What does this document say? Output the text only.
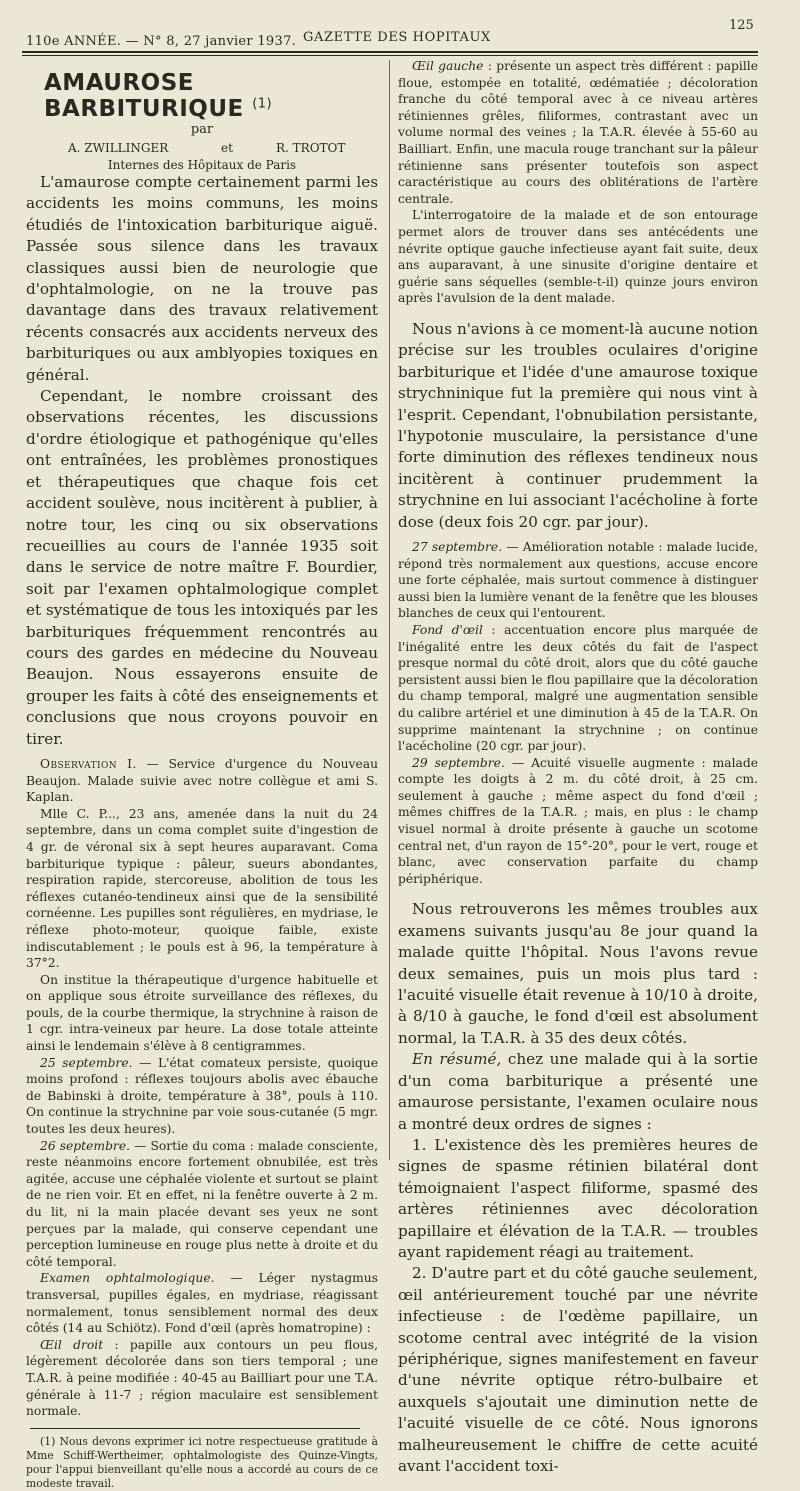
110e ANNÉE. — N° 8, 27 janvier 1937. GAZETTE DES HOPITAUX
125
AMAUROSE BARBITURIQUE $^{(1)}$

par

A. ZWILLINGER	et	R. TROTOT

Internes des Hôpitaux de Paris

L'amaurose compte certainement parmi les accidents les moins communs, les moins étudiés de l'intoxication barbiturique aiguë. Passée sous silence dans les travaux classiques aussi bien de neurologie que d'ophtalmologie, on ne la trouve pas davantage dans des travaux relativement récents consacrés aux accidents nerveux des barbituriques ou aux amblyopies toxiques en général.

Cependant, le nombre croissant des observations récentes, les discussions d'ordre étiologique et pathogénique qu'elles ont entraînées, les problèmes pronostiques et thérapeutiques que chaque fois cet accident soulève, nous incitèrent à publier, à notre tour, les cinq ou six observations recueillies au cours de l'année 1935 soit dans le service de notre maître F. Bourdier, soit par l'examen ophtalmologique complet et systématique de tous les intoxiqués par les barbituriques fréquemment rencontrés au cours des gardes en médecine du Nouveau Beaujon. Nous essayerons ensuite de grouper les faits à côté des enseignements et conclusions que nous croyons pouvoir en tirer.

Observation I. — Service d'urgence du Nouveau Beaujon. Malade suivie avec notre collègue et ami S. Kaplan.

Mlle C. P..., 23 ans, amenée dans la nuit du 24 septembre, dans un coma complet suite d'ingestion de 4 gr. de véronal six à sept heures auparavant. Coma barbiturique typique : pâleur, sueurs abondantes, respiration rapide, stercoreuse, abolition de tous les réflexes cutanéo-tendineux ainsi que de la sensibilité cornéenne. Les pupilles sont régulières, en mydriase, le réflexe photo-moteur, quoique faible, existe indiscutablement ; le pouls est à 96, la température à 37°2.

On institue la thérapeutique d'urgence habituelle et on applique sous étroite surveillance des réflexes, du pouls, de la courbe thermique, la strychnine à raison de 1 cgr. intra-veineux par heure. La dose totale atteinte ainsi le lendemain s'élève à 8 centigrammes.

25 septembre. — L'état comateux persiste, quoique moins profond : réflexes toujours abolis avec ébauche de Babinski à droite, température à 38°, pouls à 110. On continue la strychnine par voie sous-cutanée (5 mgr. toutes les deux heures).

26 septembre. — Sortie du coma : malade consciente, reste néanmoins encore fortement obnubilée, est très agitée, accuse une céphalée violente et surtout se plaint de ne rien voir. Et en effet, ni la fenêtre ouverte à 2 m. du lit, ni la main placée devant ses yeux ne sont perçues par la malade, qui conserve cependant une perception lumineuse en rouge plus nette à droite et du côté temporal.

Examen ophtalmologique. — Léger nystagmus transversal, pupilles égales, en mydriase, réagissant normalement, tonus sensiblement normal des deux côtés (14 au Schiötz). Fond d'œil (après homatropine) :

Œil droit : papille aux contours un peu flous, légèrement décolorée dans son tiers temporal ; une T.A.R. à peine modifiée : 40-45 au Bailliart pour une T.A. générale à 11-7 ; région maculaire est sensiblement normale.

(1) Nous devons exprimer ici notre respectueuse gratitude à Mme Schiff-Wertheimer, ophtalmologiste des Quinze-Vingts, pour l'appui bienveillant qu'elle nous a accordé au cours de ce modeste travail.

Œil gauche : présente un aspect très différent : papille floue, estompée en totalité, œdématiée ; décoloration franche du côté temporal avec à ce niveau artères rétiniennes grêles, filiformes, contrastant avec un volume normal des veines ; la T.A.R. élevée à 55-60 au Bailliart. Enfin, une macula rouge tranchant sur la pâleur rétinienne sans présenter toutefois son aspect caractéristique au cours des oblitérations de l'artère centrale.

L'interrogatoire de la malade et de son entourage permet alors de trouver dans ses antécédents une névrite optique gauche infectieuse ayant fait suite, deux ans auparavant, à une sinusite d'origine dentaire et guérie sans séquelles (semble-t-il) quinze jours environ après l'avulsion de la dent malade.

Nous n'avions à ce moment-là aucune notion précise sur les troubles oculaires d'origine barbiturique et l'idée d'une amaurose toxique strychninique fut la première qui nous vint à l'esprit. Cependant, l'obnubilation persistante, l'hypotonie musculaire, la persistance d'une forte diminution des réflexes tendineux nous incitèrent à continuer prudemment la strychnine en lui associant l'acécholine à forte dose (deux fois 20 cgr. par jour).

27 septembre. — Amélioration notable : malade lucide, répond très normalement aux questions, accuse encore une forte céphalée, mais surtout commence à distinguer aussi bien la lumière venant de la fenêtre que les blouses blanches de ceux qui l'entourent.

Fond d'œil : accentuation encore plus marquée de l'inégalité entre les deux côtés du fait de l'aspect presque normal du côté droit, alors que du côté gauche persistent aussi bien le flou papillaire que la décoloration du champ temporal, malgré une augmentation sensible du calibre artériel et une diminution à 45 de la T.A.R. On supprime maintenant la strychnine ; on continue l'acécholine (20 cgr. par jour).

29 septembre. — Acuité visuelle augmente : malade compte les doigts à 2 m. du côté droit, à 25 cm. seulement à gauche ; même aspect du fond d'œil ; mêmes chiffres de la T.A.R. ; mais, en plus : le champ visuel normal à droite présente à gauche un scotome central net, d'un rayon de 15°-20°, pour le vert, rouge et blanc, avec conservation parfaite du champ périphérique.

Nous retrouverons les mêmes troubles aux examens suivants jusqu'au 8e jour quand la malade quitte l'hôpital. Nous l'avons revue deux semaines, puis un mois plus tard : l'acuité visuelle était revenue à 10/10 à droite, à 8/10 à gauche, le fond d'œil est absolument normal, la T.A.R. à 35 des deux côtés.

En résumé, chez une malade qui à la sortie d'un coma barbiturique a présenté une amaurose persistante, l'examen oculaire nous a montré deux ordres de signes :

1. L'existence dès les premières heures de signes de spasme rétinien bilatéral dont témoignaient l'aspect filiforme, spasmé des artères rétiniennes avec décoloration papillaire et élévation de la T.A.R. — troubles ayant rapidement réagi au traitement.

2. D'autre part et du côté gauche seulement, œil antérieurement touché par une névrite infectieuse : de l'œdème papillaire, un scotome central avec intégrité de la vision périphérique, signes manifestement en faveur d'une névrite optique rétro-bulbaire et auxquels s'ajoutait une diminution nette de l'acuité visuelle de ce côté. Nous ignorons malheureusement le chiffre de cette acuité avant l'accident toxi-
